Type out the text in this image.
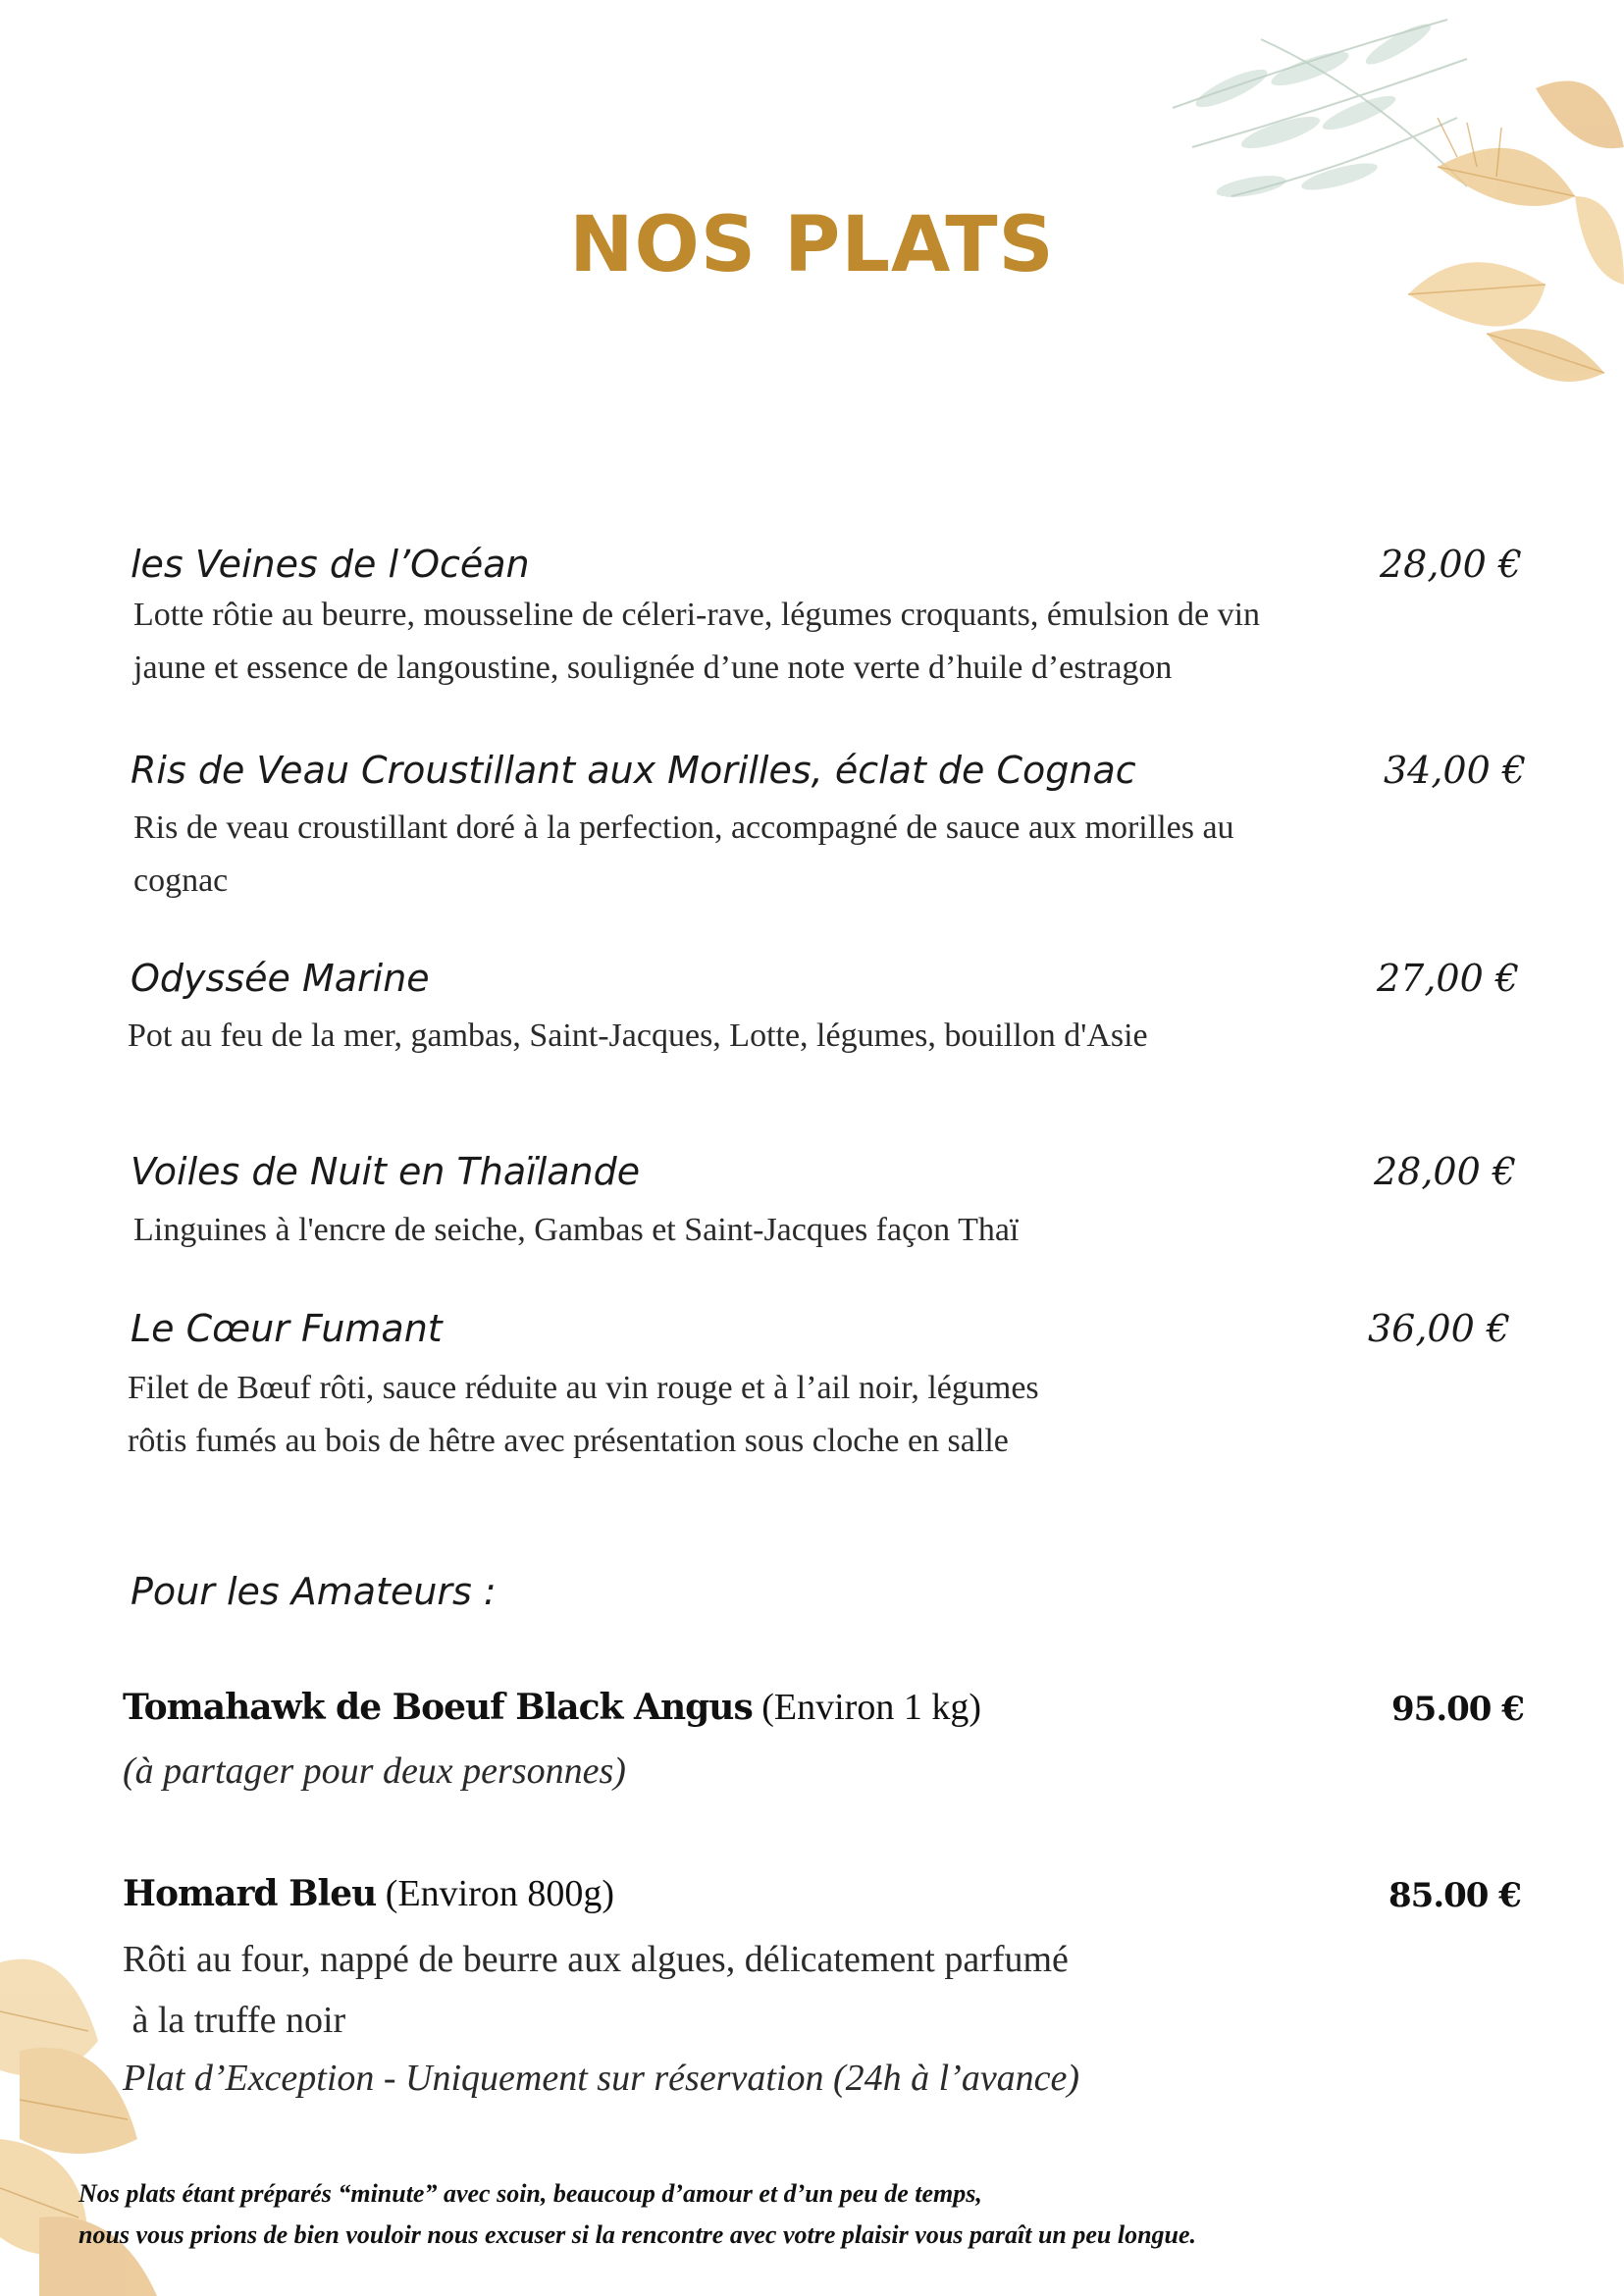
NOS PLATS
les Veines de l’Océan	28,00 €
Lotte rôtie au beurre, mousseline de céleri-rave, légumes croquants, émulsion de vin
jaune et essence de langoustine, soulignée d’une note verte d’huile d’estragon
Ris de Veau Croustillant aux Morilles, éclat de Cognac	34,00 €
Ris de veau croustillant doré à la perfection, accompagné de sauce aux morilles au
cognac
Odyssée Marine	27,00 €
Pot au feu de la mer, gambas, Saint-Jacques, Lotte, légumes, bouillon d'Asie
Voiles de Nuit en Thaïlande	28,00 €
Linguines à l'encre de seiche, Gambas et Saint-Jacques façon Thaï
Le Cœur Fumant	36,00 €
Filet de Bœuf rôti, sauce réduite au vin rouge et à l’ail noir, légumes
rôtis fumés au bois de hêtre avec présentation sous cloche en salle
Pour les Amateurs :
Tomahawk de Boeuf Black Angus (Environ 1 kg)	95.00 €
(à partager pour deux personnes)
Homard Bleu (Environ 800g)	85.00 €
Rôti au four, nappé de beurre aux algues, délicatement parfumé
à la truffe noir
Plat d’Exception - Uniquement sur réservation (24h à l’avance)
Nos plats étant préparés “minute” avec soin, beaucoup d’amour et d’un peu de temps,
nous vous prions de bien vouloir nous excuser si la rencontre avec votre plaisir vous paraît un peu longue.
